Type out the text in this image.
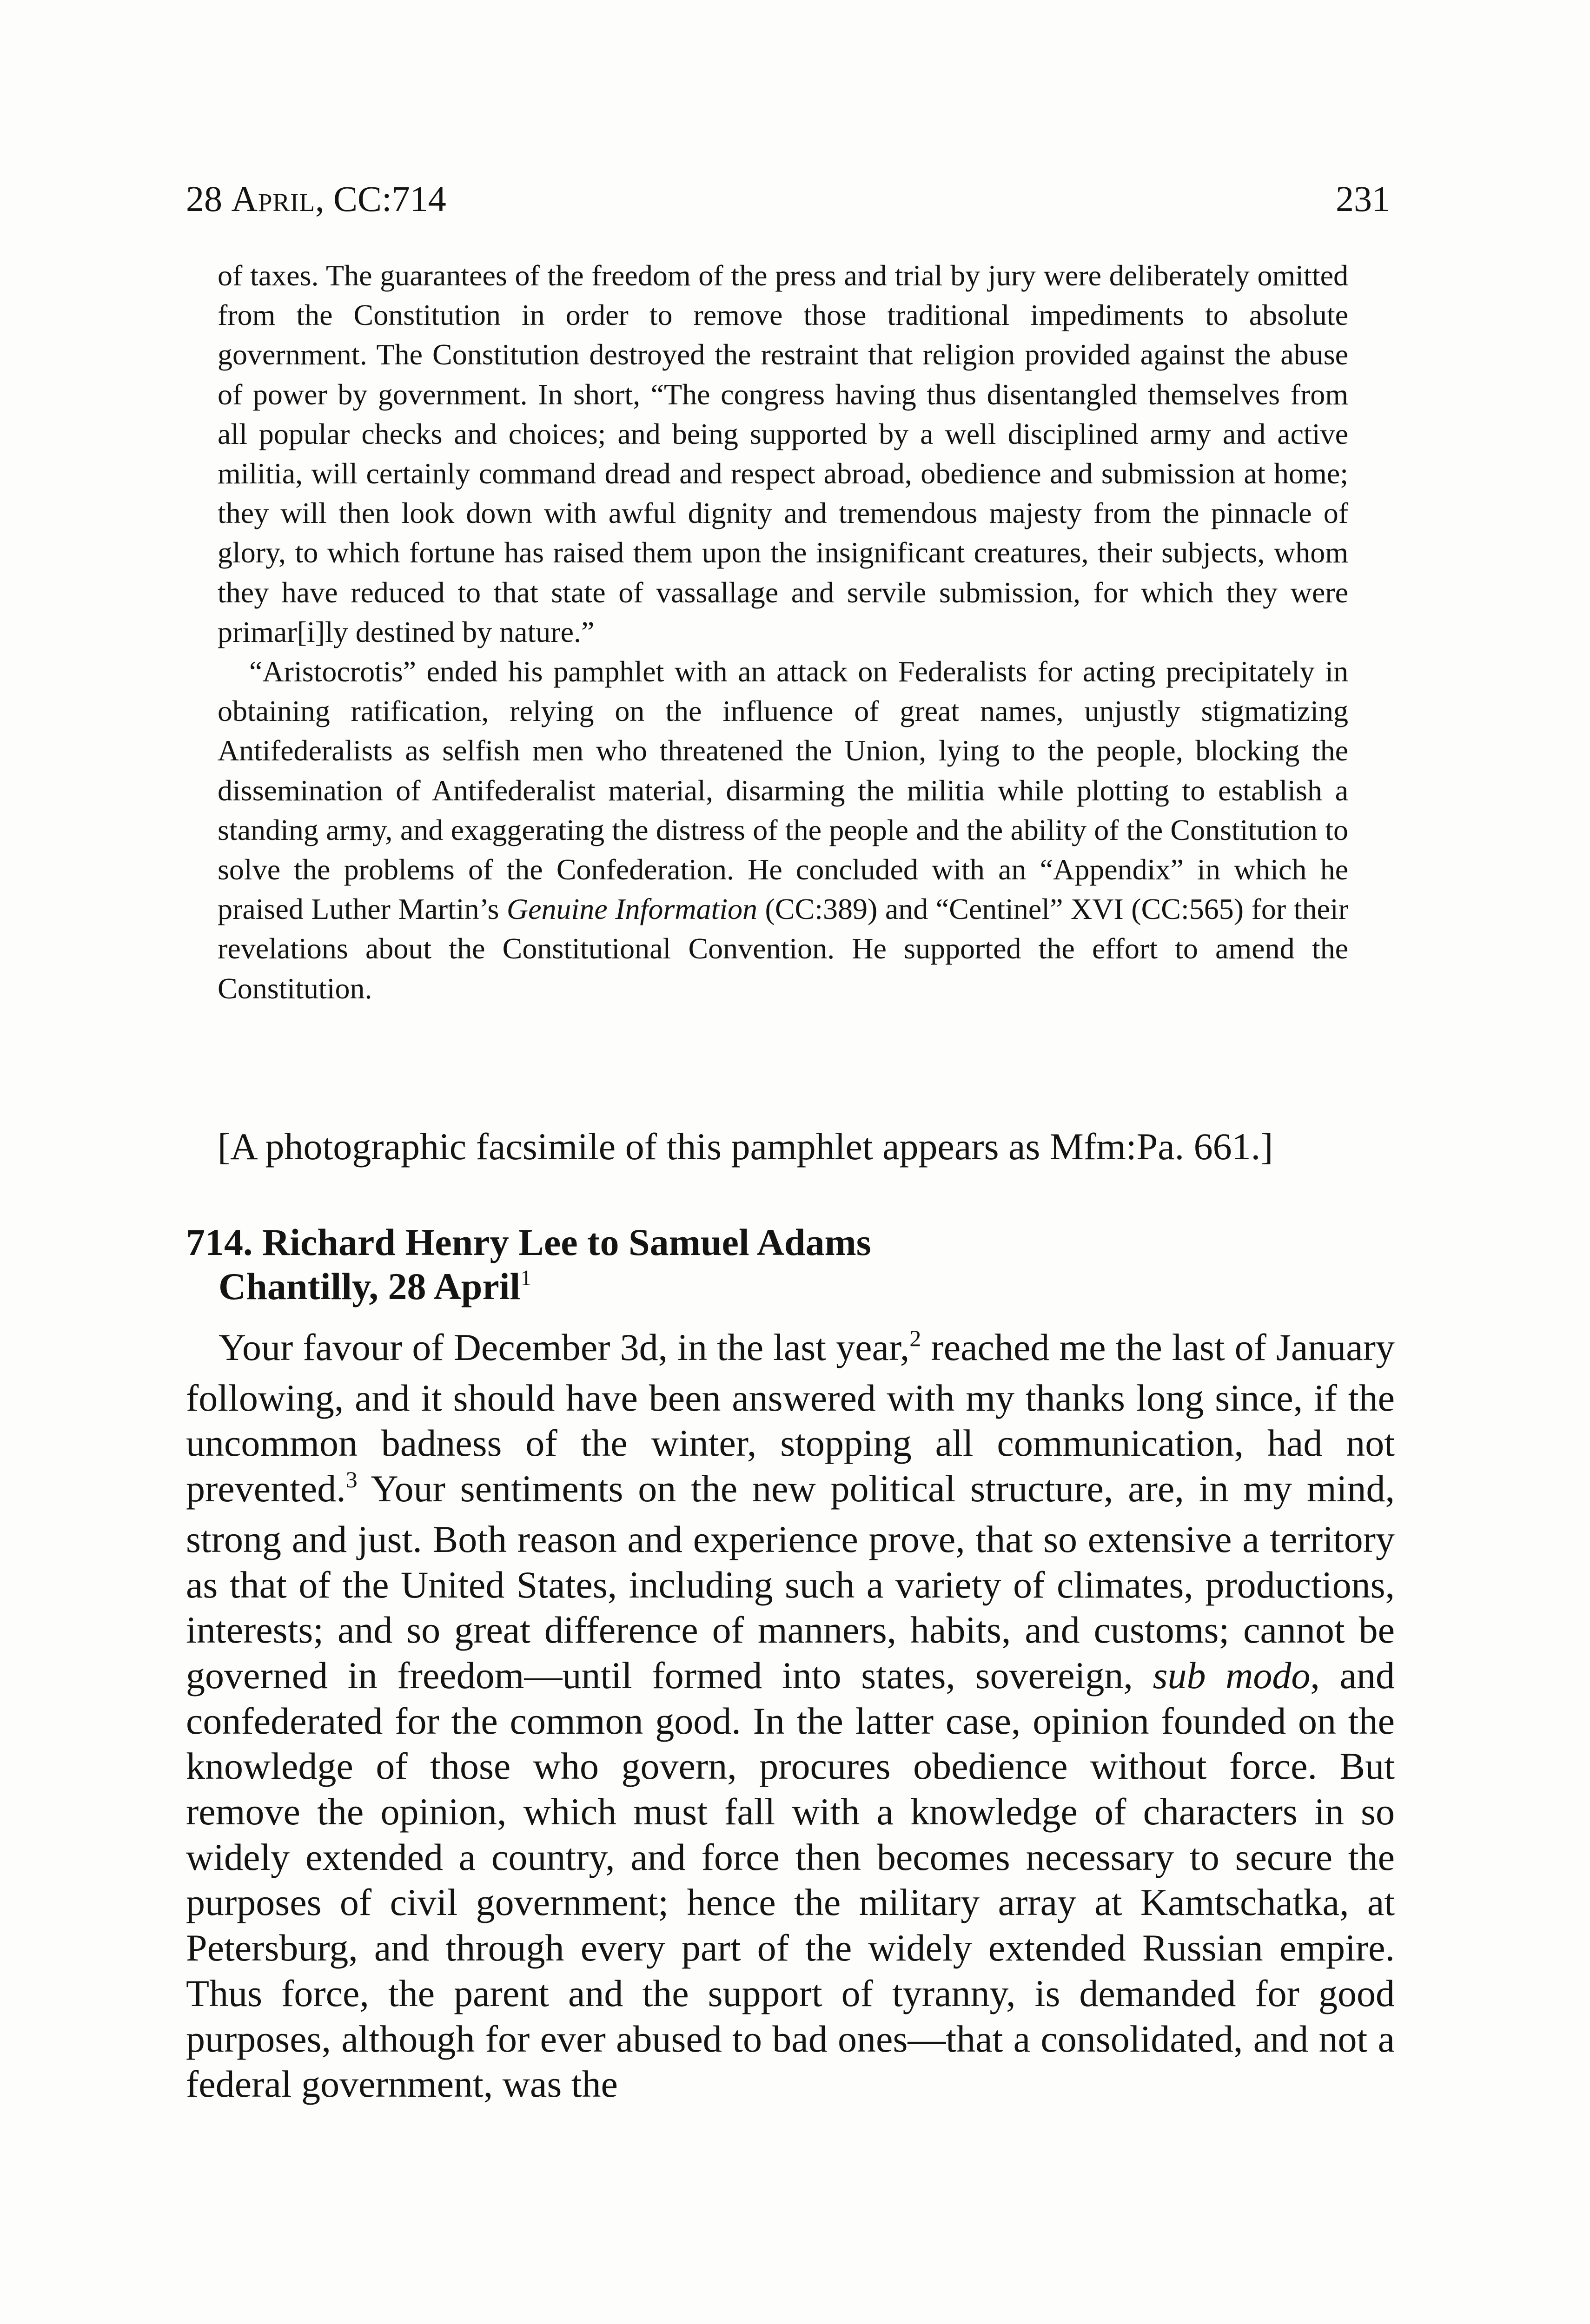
28 April, CC:714	231

of taxes. The guarantees of the freedom of the press and trial by jury were deliberately omitted from the Constitution in order to remove those traditional impediments to absolute government. The Constitution destroyed the restraint that religion provided against the abuse of power by government. In short, “The congress having thus disentangled themselves from all popular checks and choices; and being supported by a well disciplined army and active militia, will certainly command dread and respect abroad, obedience and submission at home; they will then look down with awful dignity and tremendous majesty from the pinnacle of glory, to which fortune has raised them upon the insignificant creatures, their subjects, whom they have reduced to that state of vassallage and servile submission, for which they were primar[i]ly destined by nature.”

“Aristocrotis” ended his pamphlet with an attack on Federalists for acting precipitately in obtaining ratification, relying on the influence of great names, unjustly stigmatizing Antifederalists as selfish men who threatened the Union, lying to the people, blocking the dissemination of Antifederalist material, disarming the militia while plotting to establish a standing army, and exaggerating the distress of the people and the ability of the Constitution to solve the problems of the Confederation. He concluded with an “Appendix” in which he praised Luther Martin’s Genuine Information (CC:389) and “Centinel” XVI (CC:565) for their revelations about the Constitutional Convention. He supported the effort to amend the Constitution.

[A photographic facsimile of this pamphlet appears as Mfm:Pa. 661.]
714. Richard Henry Lee to Samuel Adams
Chantilly, 28 April$^1$

Your favour of December 3d, in the last year,$^2$ reached me the last of January following, and it should have been answered with my thanks long since, if the uncommon badness of the winter, stopping all communication, had not prevented.$^3$ Your sentiments on the new political structure, are, in my mind, strong and just. Both reason and experience prove, that so extensive a territory as that of the United States, including such a variety of climates, productions, interests; and so great difference of manners, habits, and customs; cannot be governed in freedom—until formed into states, sovereign, sub modo, and confederated for the common good. In the latter case, opinion founded on the knowledge of those who govern, procures obedience without force. But remove the opinion, which must fall with a knowledge of characters in so widely extended a country, and force then becomes necessary to secure the purposes of civil government; hence the military array at Kamtschatka, at Petersburg, and through every part of the widely extended Russian empire. Thus force, the parent and the support of tyranny, is demanded for good purposes, although for ever abused to bad ones—that a consolidated, and not a federal government, was the
